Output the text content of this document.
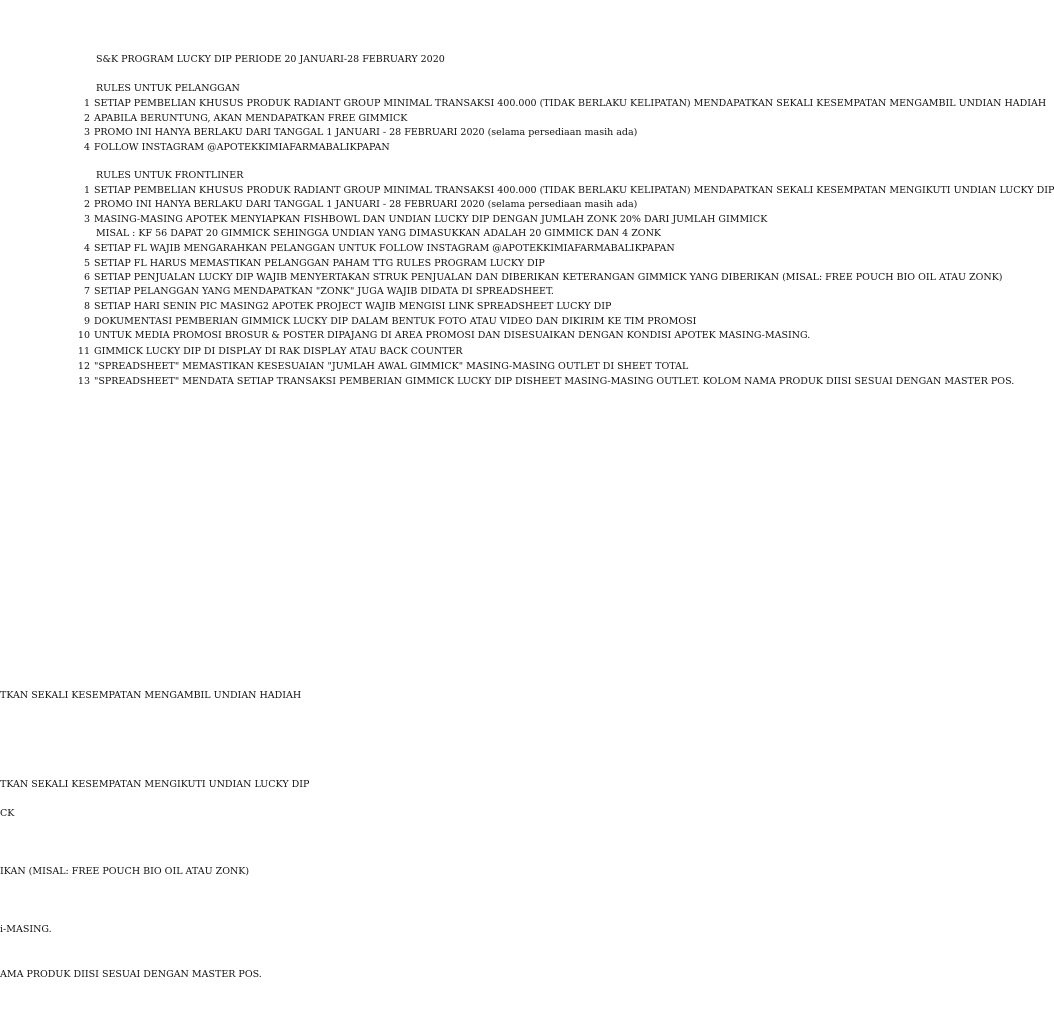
S&K PROGRAM LUCKY DIP PERIODE 20 JANUARI-28 FEBRUARY 2020
RULES UNTUK PELANGGAN
1 SETIAP PEMBELIAN KHUSUS PRODUK RADIANT GROUP MINIMAL TRANSAKSI 400.000 (TIDAK BERLAKU KELIPATAN) MENDAPATKAN SEKALI KESEMPATAN MENGAMBIL UNDIAN HADIAH
2 APABILA BERUNTUNG, AKAN MENDAPATKAN FREE GIMMICK
3 PROMO INI HANYA BERLAKU DARI TANGGAL 1 JANUARI - 28 FEBRUARI 2020 (selama persediaan masih ada)
4 FOLLOW INSTAGRAM @APOTEKKIMIAFARMABALIKPAPAN
RULES UNTUK FRONTLINER
1 SETIAP PEMBELIAN KHUSUS PRODUK RADIANT GROUP MINIMAL TRANSAKSI 400.000 (TIDAK BERLAKU KELIPATAN) MENDAPATKAN SEKALI KESEMPATAN MENGIKUTI UNDIAN LUCKY DIP
2 PROMO INI HANYA BERLAKU DARI TANGGAL 1 JANUARI - 28 FEBRUARI 2020 (selama persediaan masih ada)
3 MASING-MASING APOTEK MENYIAPKAN FISHBOWL DAN UNDIAN LUCKY DIP DENGAN JUMLAH ZONK 20% DARI JUMLAH GIMMICK
MISAL : KF 56 DAPAT 20 GIMMICK SEHINGGA UNDIAN YANG DIMASUKKAN ADALAH 20 GIMMICK DAN 4 ZONK
4 SETIAP FL WAJIB MENGARAHKAN PELANGGAN UNTUK FOLLOW INSTAGRAM @APOTEKKIMIAFARMABALIKPAPAN
5 SETIAP FL HARUS MEMASTIKAN PELANGGAN PAHAM TTG RULES PROGRAM LUCKY DIP
6 SETIAP PENJUALAN LUCKY DIP WAJIB MENYERTAKAN STRUK PENJUALAN DAN DIBERIKAN KETERANGAN GIMMICK YANG DIBERIKAN (MISAL: FREE POUCH BIO OIL ATAU ZONK)
7 SETIAP PELANGGAN YANG MENDAPATKAN "ZONK" JUGA WAJIB DIDATA DI SPREADSHEET.
8 SETIAP HARI SENIN PIC MASING2 APOTEK PROJECT WAJIB MENGISI LINK SPREADSHEET LUCKY DIP
9 DOKUMENTASI PEMBERIAN GIMMICK LUCKY DIP DALAM BENTUK FOTO ATAU VIDEO DAN DIKIRIM KE TIM PROMOSI
10 UNTUK MEDIA PROMOSI BROSUR & POSTER DIPAJANG DI AREA PROMOSI DAN DISESUAIKAN DENGAN KONDISI APOTEK MASING-MASING.
11 GIMMICK LUCKY DIP DI DISPLAY DI RAK DISPLAY ATAU BACK COUNTER
12 "SPREADSHEET" MEMASTIKAN KESESUAIAN "JUMLAH AWAL GIMMICK" MASING-MASING OUTLET DI SHEET TOTAL
13 "SPREADSHEET" MENDATA SETIAP TRANSAKSI PEMBERIAN GIMMICK LUCKY DIP DISHEET MASING-MASING OUTLET. KOLOM NAMA PRODUK DIISI SESUAI DENGAN MASTER POS.
TKAN SEKALI KESEMPATAN MENGAMBIL UNDIAN HADIAH
TKAN SEKALI KESEMPATAN MENGIKUTI UNDIAN LUCKY DIP
CK
IKAN (MISAL: FREE POUCH BIO OIL ATAU ZONK)
i-MASING.
AMA PRODUK DIISI SESUAI DENGAN MASTER POS.
